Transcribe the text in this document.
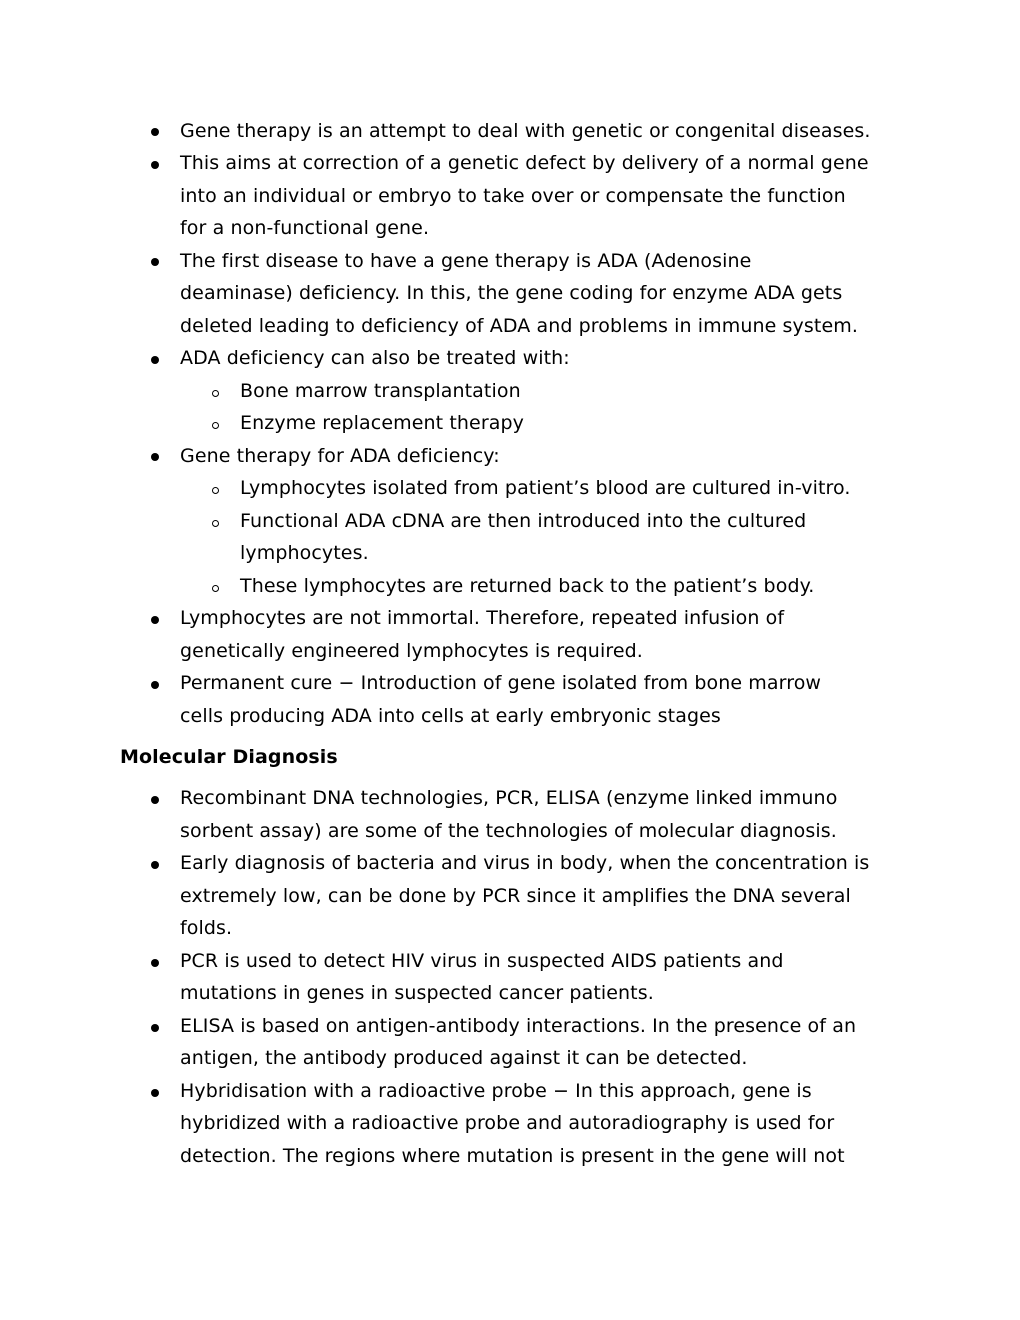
Gene therapy is an attempt to deal with genetic or congenital diseases.
This aims at correction of a genetic defect by delivery of a normal gene
into an individual or embryo to take over or compensate the function
for a non-functional gene.
The first disease to have a gene therapy is ADA (Adenosine
deaminase) deficiency. In this, the gene coding for enzyme ADA gets
deleted leading to deficiency of ADA and problems in immune system.
ADA deficiency can also be treated with:
Bone marrow transplantation
Enzyme replacement therapy
Gene therapy for ADA deficiency:
Lymphocytes isolated from patient’s blood are cultured in-vitro.
Functional ADA cDNA are then introduced into the cultured
lymphocytes.
These lymphocytes are returned back to the patient’s body.
Lymphocytes are not immortal. Therefore, repeated infusion of
genetically engineered lymphocytes is required.
Permanent cure − Introduction of gene isolated from bone marrow
cells producing ADA into cells at early embryonic stages
Molecular Diagnosis
Recombinant DNA technologies, PCR, ELISA (enzyme linked immuno
sorbent assay) are some of the technologies of molecular diagnosis.
Early diagnosis of bacteria and virus in body, when the concentration is
extremely low, can be done by PCR since it amplifies the DNA several
folds.
PCR is used to detect HIV virus in suspected AIDS patients and
mutations in genes in suspected cancer patients.
ELISA is based on antigen-antibody interactions. In the presence of an
antigen, the antibody produced against it can be detected.
Hybridisation with a radioactive probe − In this approach, gene is
hybridized with a radioactive probe and autoradiography is used for
detection. The regions where mutation is present in the gene will not
